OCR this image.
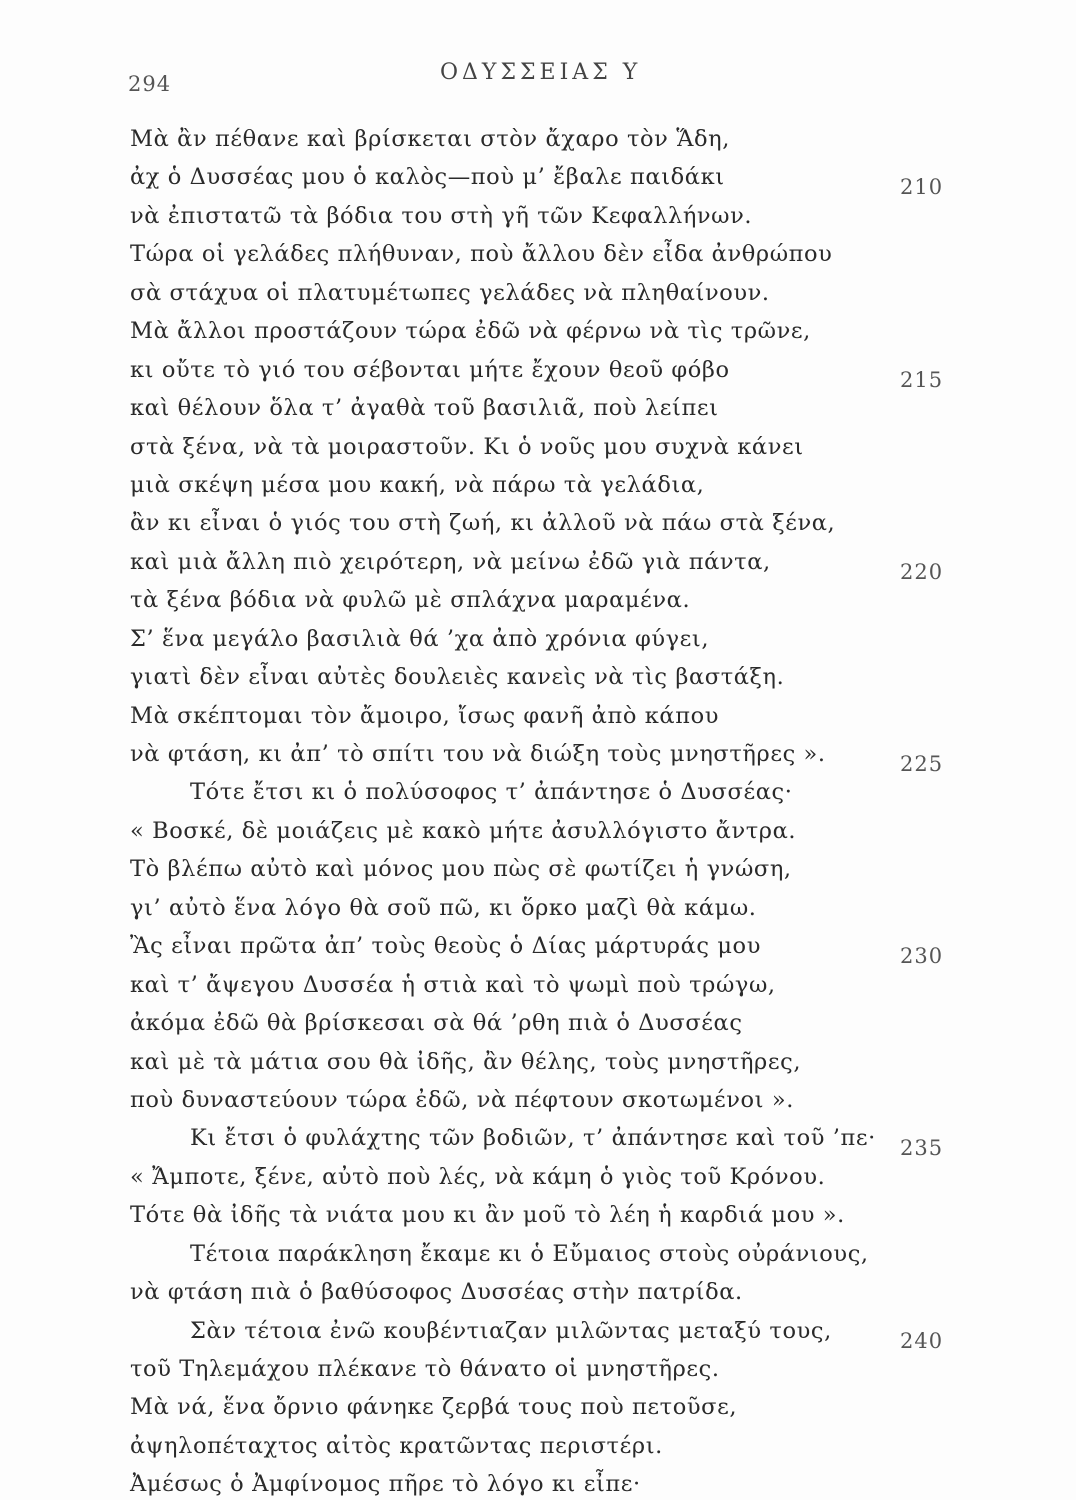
294	ΟΔΥΣΣΕΙΑΣ Υ
Μὰ ἂν πέθανε καὶ βρίσκεται στὸν ἄχαρο τὸν Ἅδη,
ἀχ ὁ Δυσσέας μου ὁ καλὸς—ποὺ μ’ ἔβαλε παιδάκι	210
νὰ ἐπιστατῶ τὰ βόδια του στὴ γῆ τῶν Κεφαλλήνων.
Τώρα οἱ γελάδες πλήθυναν, ποὺ ἄλλου δὲν εἶδα ἀνθρώπου
σὰ στάχυα οἱ πλατυμέτωπες γελάδες νὰ πληθαίνουν.
Μὰ ἄλλοι προστάζουν τώρα ἐδῶ νὰ φέρνω νὰ τὶς τρῶνε,
κι οὔτε τὸ γιό του σέβονται μήτε ἔχουν θεοῦ φόβο	215
καὶ θέλουν ὅλα τ’ ἀγαθὰ τοῦ βασιλιᾶ, ποὺ λείπει
στὰ ξένα, νὰ τὰ μοιραστοῦν. Κι ὁ νοῦς μου συχνὰ κάνει
μιὰ σκέψη μέσα μου κακή, νὰ πάρω τὰ γελάδια,
ἂν κι εἶναι ὁ γιός του στὴ ζωή, κι ἀλλοῦ νὰ πάω στὰ ξένα,
καὶ μιὰ ἄλλη πιὸ χειρότερη, νὰ μείνω ἐδῶ γιὰ πάντα,	220
τὰ ξένα βόδια νὰ φυλῶ μὲ σπλάχνα μαραμένα.
Σ’ ἕνα μεγάλο βασιλιὰ θά ’χα ἀπὸ χρόνια φύγει,
γιατὶ δὲν εἶναι αὐτὲς δουλειὲς κανεὶς νὰ τὶς βαστάξη.
Μὰ σκέπτομαι τὸν ἄμοιρο, ἴσως φανῆ ἀπὸ κάπου
νὰ φτάση, κι ἀπ’ τὸ σπίτι του νὰ διώξη τοὺς μνηστῆρες ».	225
Τότε ἔτσι κι ὁ πολύσοφος τ’ ἀπάντησε ὁ Δυσσέας·
« Βοσκέ, δὲ μοιάζεις μὲ κακὸ μήτε ἀσυλλόγιστο ἄντρα.
Τὸ βλέπω αὐτὸ καὶ μόνος μου πὼς σὲ φωτίζει ἡ γνώση,
γι’ αὐτὸ ἕνα λόγο θὰ σοῦ πῶ, κι ὅρκο μαζὶ θὰ κάμω.
Ἂς εἶναι πρῶτα ἀπ’ τοὺς θεοὺς ὁ Δίας μάρτυράς μου	230
καὶ τ’ ἄψεγου Δυσσέα ἡ στιὰ καὶ τὸ ψωμὶ ποὺ τρώγω,
ἀκόμα ἐδῶ θὰ βρίσκεσαι σὰ θά ’ρθη πιὰ ὁ Δυσσέας
καὶ μὲ τὰ μάτια σου θὰ ἰδῆς, ἂν θέλης, τοὺς μνηστῆρες,
ποὺ δυναστεύουν τώρα ἐδῶ, νὰ πέφτουν σκοτωμένοι ».
Κι ἔτσι ὁ φυλάχτης τῶν βοδιῶν, τ’ ἀπάντησε καὶ τοῦ ’πε· 235
« Ἄμποτε, ξένε, αὐτὸ ποὺ λές, νὰ κάμη ὁ γιὸς τοῦ Κρόνου.
Τότε θὰ ἰδῆς τὰ νιάτα μου κι ἂν μοῦ τὸ λέη ἡ καρδιά μου ».
Τέτοια παράκληση ἔκαμε κι ὁ Εὔμαιος στοὺς οὐράνιους,
νὰ φτάση πιὰ ὁ βαθύσοφος Δυσσέας στὴν πατρίδα.
Σὰν τέτοια ἐνῶ κουβέντιαζαν μιλῶντας μεταξύ τους,	240
τοῦ Τηλεμάχου πλέκανε τὸ θάνατο οἱ μνηστῆρες.
Μὰ νά, ἕνα ὄρνιο φάνηκε ζερβά τους ποὺ πετοῦσε,
ἀψηλοπέταχτος αἰτὸς κρατῶντας περιστέρι.
Ἀμέσως ὁ Ἀμφίνομος πῆρε τὸ λόγο κι εἶπε·
